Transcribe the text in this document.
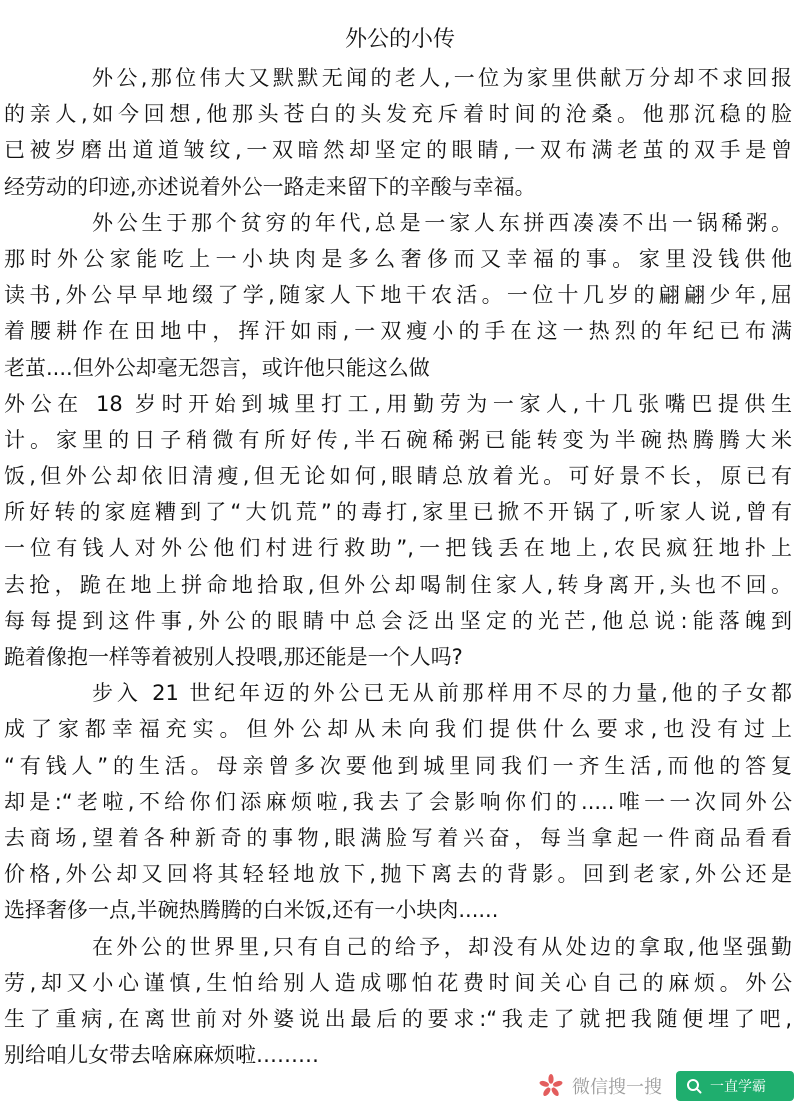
外公的小传
外公,那位伟大又默默无闻的老人,一位为家里供献万分却不求回报
的亲人,如今回想,他那头苍白的头发充斥着时间的沧桑。他那沉稳的脸
已被岁磨出道道皱纹,一双暗然却坚定的眼睛,一双布满老茧的双手是曾
经劳动的印迹,亦述说着外公一路走来留下的辛酸与幸福。
外公生于那个贫穷的年代,总是一家人东拼西凑凑不出一锅稀粥。
那时外公家能吃上一小块肉是多么奢侈而又幸福的事。家里没钱供他
读书,外公早早地缀了学,随家人下地干农活。一位十几岁的翩翩少年,屈
着腰耕作在田地中，挥汗如雨,一双瘦小的手在这一热烈的年纪已布满
老茧....但外公却毫无怨言，或许他只能这么做
外公在 18 岁时开始到城里打工,用勤劳为一家人,十几张嘴巴提供生
计。家里的日子稍微有所好传,半石碗稀粥已能转变为半碗热腾腾大米
饭,但外公却依旧清瘦,但无论如何,眼睛总放着光。可好景不长，原已有
所好转的家庭糟到了“大饥荒”的毒打,家里已掀不开锅了,听家人说,曾有
一位有钱人对外公他们村进行救助”,一把钱丢在地上,农民疯狂地扑上
去抢，跪在地上拼命地拾取,但外公却喝制住家人,转身离开,头也不回。
每每提到这件事,外公的眼睛中总会泛出坚定的光芒,他总说:能落魄到
跪着像抱一样等着被别人投喂,那还能是一个人吗?
步入 21 世纪年迈的外公已无从前那样用不尽的力量,他的子女都
成了家都幸福充实。但外公却从未向我们提供什么要求,也没有过上
“有钱人”的生活。母亲曾多次要他到城里同我们一齐生活,而他的答复
却是:“老啦,不给你们添麻烦啦,我去了会影响你们的.....唯一一次同外公
去商场,望着各种新奇的事物,眼满脸写着兴奋，每当拿起一件商品看看
价格,外公却又回将其轻轻地放下,抛下离去的背影。回到老家,外公还是
选择奢侈一点,半碗热腾腾的白米饭,还有一小块肉......
在外公的世界里,只有自己的给予，却没有从处边的拿取,他坚强勤
劳,却又小心谨慎,生怕给别人造成哪怕花费时间关心自己的麻烦。外公
生了重病,在离世前对外婆说出最后的要求:“我走了就把我随便埋了吧,
别给咱儿女带去啥麻麻烦啦………
微信搜一搜	一直学霸
